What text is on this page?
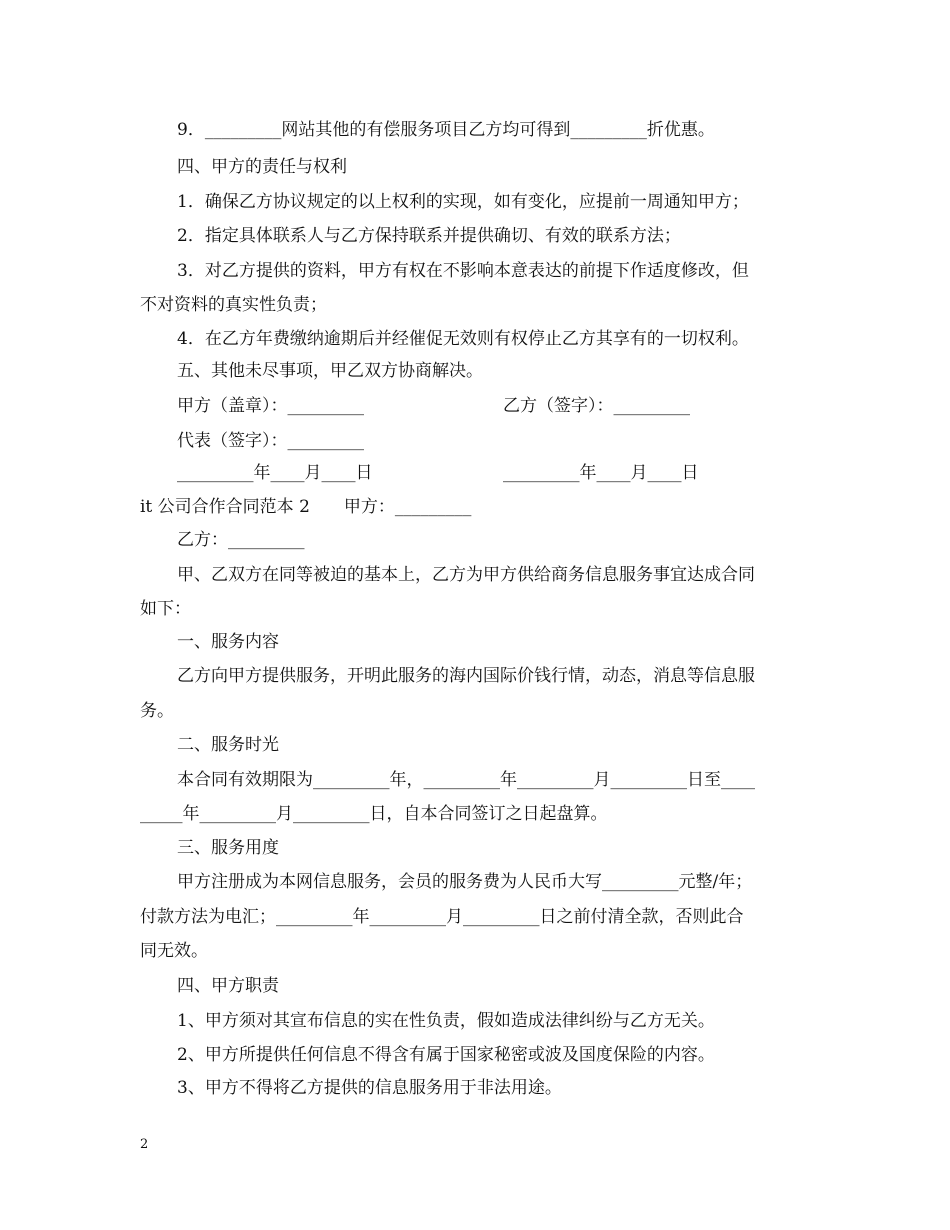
9．_________网站其他的有偿服务项目乙方均可得到_________折优惠。
四、甲方的责任与权利
1．确保乙方协议规定的以上权利的实现，如有变化，应提前一周通知甲方；
2．指定具体联系人与乙方保持联系并提供确切、有效的联系方法；
3．对乙方提供的资料，甲方有权在不影响本意表达的前提下作适度修改，但
不对资料的真实性负责；
4．在乙方年费缴纳逾期后并经催促无效则有权停止乙方其享有的一切权利。
五、其他未尽事项，甲乙双方协商解决。
甲方（盖章）：_________	乙方（签字）：_________
代表（签字）：_________
_________年____月____日	_________年____月____日
it 公司合作合同范本 2　　甲方：_________
乙方：_________
甲、乙双方在同等被迫的基本上，乙方为甲方供给商务信息服务事宜达成合同
如下：
一、服务内容
乙方向甲方提供服务，开明此服务的海内国际价钱行情，动态，消息等信息服
务。
二、服务时光
本合同有效期限为_________年，_________年_________月_________日至____
_____年_________月_________日，自本合同签订之日起盘算。
三、服务用度
甲方注册成为本网信息服务，会员的服务费为人民币大写_________元整/年；
付款方法为电汇；_________年_________月_________日之前付清全款，否则此合
同无效。
四、甲方职责
1、甲方须对其宣布信息的实在性负责，假如造成法律纠纷与乙方无关。
2、甲方所提供任何信息不得含有属于国家秘密或波及国度保险的内容。
3、甲方不得将乙方提供的信息服务用于非法用途。
2
